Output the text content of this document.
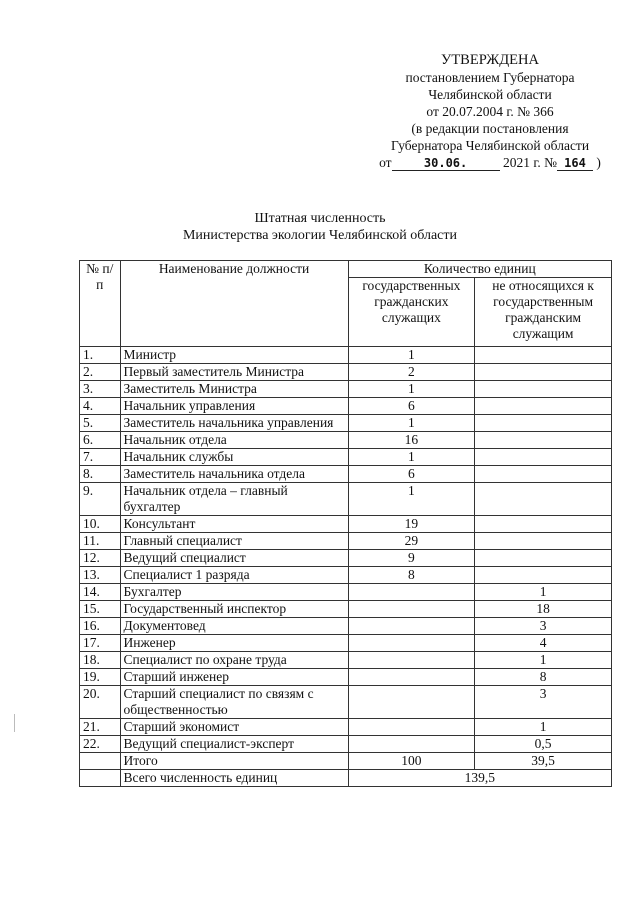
УТВЕРЖДЕНА
постановлением Губернатора
Челябинской области
от 20.07.2004 г. № 366
(в редакции постановления
Губернатора Челябинской области
от	30.06.	2021 г. № 164 )
Штатная численность
Министерства экологии Челябинской области
№ п/п	Наименование должности	Количество единиц	
		государственных гражданских служащих	не относящихся к государственным гражданским служащим
1.	Министр	1	
2.	Первый заместитель Министра	2	
3.	Заместитель Министра	1	
4.	Начальник управления	6	
5.	Заместитель начальника управления	1	
6.	Начальник отдела	16	
7.	Начальник службы	1	
8.	Заместитель начальника отдела	6	
9.	Начальник отдела – главный бухгалтер	1	
10.	Консультант	19	
11.	Главный специалист	29	
12.	Ведущий специалист	9	
13.	Специалист 1 разряда	8	
14.	Бухгалтер		1
15.	Государственный инспектор		18
16.	Документовед		3
17.	Инженер		4
18.	Специалист по охране труда		1
19.	Старший инженер		8
20.	Старший специалист по связям с общественностью		3
21.	Старший экономист		1
22.	Ведущий специалист-эксперт		0,5
	Итого	100	39,5
	Всего численность единиц	139,5	
